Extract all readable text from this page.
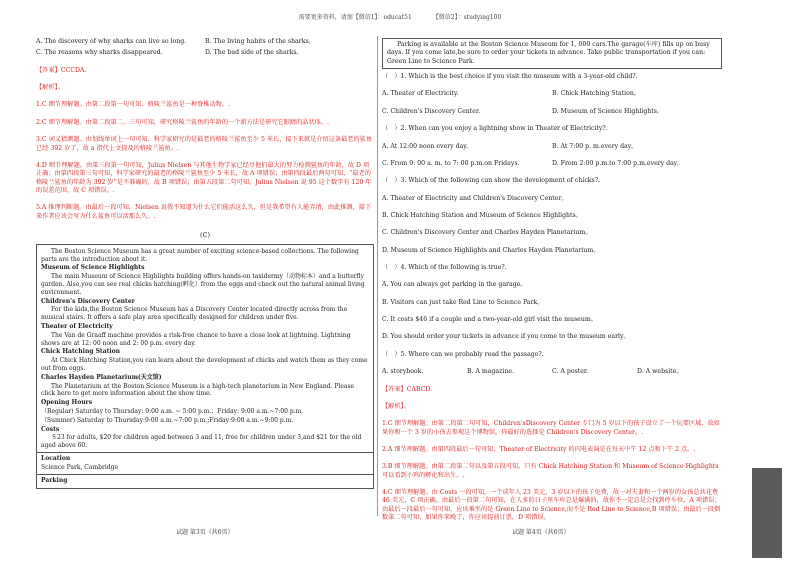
需要更多资料，请加【微信1】：educat51　　　　【微信2】：studying100
A. The discovery of why sharks can live so long.	B. The living habits of the sharks。
C. The reasons why sharks disappeared.	D. The bad side of the sharks。
【答案】CCCDA.
【解析】。
1.C 细节理解题。由第二段第一句可知，格陵兰鲨鱼是一种脊椎动物。.
2.C 细节理解题。由第二段第二、三句可知，研究格陵兰鲨鱼的年龄的一个新方法是研究它眼睛的晶状体。.
3.C 词义猜测题。由划线单词上一句可知，科学家研究的是最老的格陵兰鲨鱼至少 5 米长，接下来就是介绍这条最老的鲨鱼已经 392 岁了，故 a 指代上文提及的格陵兰鲨鱼。.
4.D 细节理解题。由第三段第一句可知，Julius Nielsen 与其他生物学家已经尽他们最大的努力检测鲨鱼的年龄，故 D 项正确；由第四段第三句可知，科学家研究的最老的格陵兰鲨鱼至少 5 米长，故 A 项错误；由第四段最后两句可知，“最老的格陵兰鲨鱼的年龄为 392 岁”是不准确的，故 B 项错误；由第五段第二句可知，Julius Nielsen 说 95 这个数字有 120 年的误差范围，故 C 项错误。.
5.A 推理判断题。由最后一段可知，Nielsen 说我不知道为什么它们能活这么久，但是我希望有人能弄清，由此推测，接下来作者应该会写为什么鲨鱼可以活那么久。.
(C)

The Boston Science Museum has a great number of exciting science-based collections. The following parts are the introduction about it.

Museum of Science Highlights

The main Museum of Science Highlights building offers hands-on taxidermy（动物标本）and a butterfly garden. Also,you can see real chicks hatching(孵化）from the eggs and check out the natural animal living environment.

Children's Discovery Center

For the kids,the Boston Science Museum has a Discovery Center located directly across from the musical stairs. It offers a safe play area specifically designed for children under five.

Theater of Electricity

The Van de Graaff machine provides a risk-free chance to have a close look at lightning. Lightning shows are at 12: 00 noon and 2: 00 p.m. every day.

Chick Hatching Station

At Chick Hatching Station,you can learn about the development of chicks and watch them as they come out from eggs.

Charles Hayden Planetarium(天文馆)

The Planetarium at the Boston Science Museum is a high-tech planetarium in New England. Please click here to get more information about the show time.

Opening Hours

（Regular) Saturday to Thursday: 9:00 a.m. ~ 5:00 p.m.；Friday: 9:00 a.m.~7:00 p.m.

（Summer) Saturday to Thursday:9:00 a.m.~7:00 p.m.;Friday:9:00 a.m.~9:00 p.m.

Costs

＄23 for adults, $20 for children aged between 3 and 11, free for children under 3,and $21 for the old aged above 60.

Location

Science Park, Cambridge

Parking
Parking is available at the Boston Science Museum for 1, 000 cars.The garage(车库) fills up on busy days. If you come late,be sure to order your tickets in advance. Take public transportation if you can: Green Line to Science Park.
（　）1. Which is the best choice if you visit the museum with a 3-year-old child?.
A. Theater of Electricity.	B. Chick Hatching Station。
C. Children's Discovery Center.	D. Museum of Science Highlights。
（　）2. When can you enjoy a lightning show in Theater of Electricity?.
A. At 12:00 noon every day.	B. At 7:00 p. m.every day。
C. From 9: 00 a. m. to 7: 00 p.m.on Fridays.	D. From 2:00 p.m.to 7:00 p.m.every day。
（　）3. Which of the following can show the development of chicks?.
A. Theater of Electricity and Children's Discovery Center。
B. Chick Hatching Station and Museum of Science Highlights。
C. Children's Discovery Center and Charles Hayden Planetarium。
D. Museum of Science Highlights and Charles Hayden Planetarium。
（　）4. Which of the following is true?.
A. You can always get parking in the garage。
B. Visitors can just take Red Line to Science Park。
C. It costs $46 if a couple and a two-year-old girl visit the museum。
D. You should order your tickets in advance if you come to the museum early。
（　）5. Where can we probably read the passage?.
A. storybook.	B. A magazine.	C. A poster.	D. A website。
【答案】CABCD.
【解析】。
1.C 细节理解题。由第二段第二句可知，Children'sDiscovery Center 专门为 5 岁以下的孩子设立了一个玩要区域，故如果你和一个 3 岁的小孩去参观这个博物馆，你最好的选择是 Children's Discovery Center。.
2.A 细节理解题。由第四段最后一句可知，Theater of Electricity 的闪电表演是在每天中午 12 点和下午 2 点。.
3.B 细节理解题。由第二段第二句以及第五段可知，只有 Chick Hatching Station 和 Museum of Science Highlights 可以看到小鸡的孵化和出生。.
4.C 细节理解题。由 Costs 一段可知，一个成年人 23 美元，3 岁以下的孩子免费，故一对夫妻和一个两岁的女孩总共花费 46 美元，C 项正确。由最后一段第二句可知，在人多的日子里车库总是爆满的，故你不一定总是会找到停车位，A 项错误；由最后一段最后一句可知，应该乘坐的是 Green Line to Science,而不是 Red Line to Science,B 项错误；由最后一段倒数第二句可知，如果你来晚了，你应该提前订票，D 项错误。
试题 第3页（共6页）	试题 第4页（共6页）
